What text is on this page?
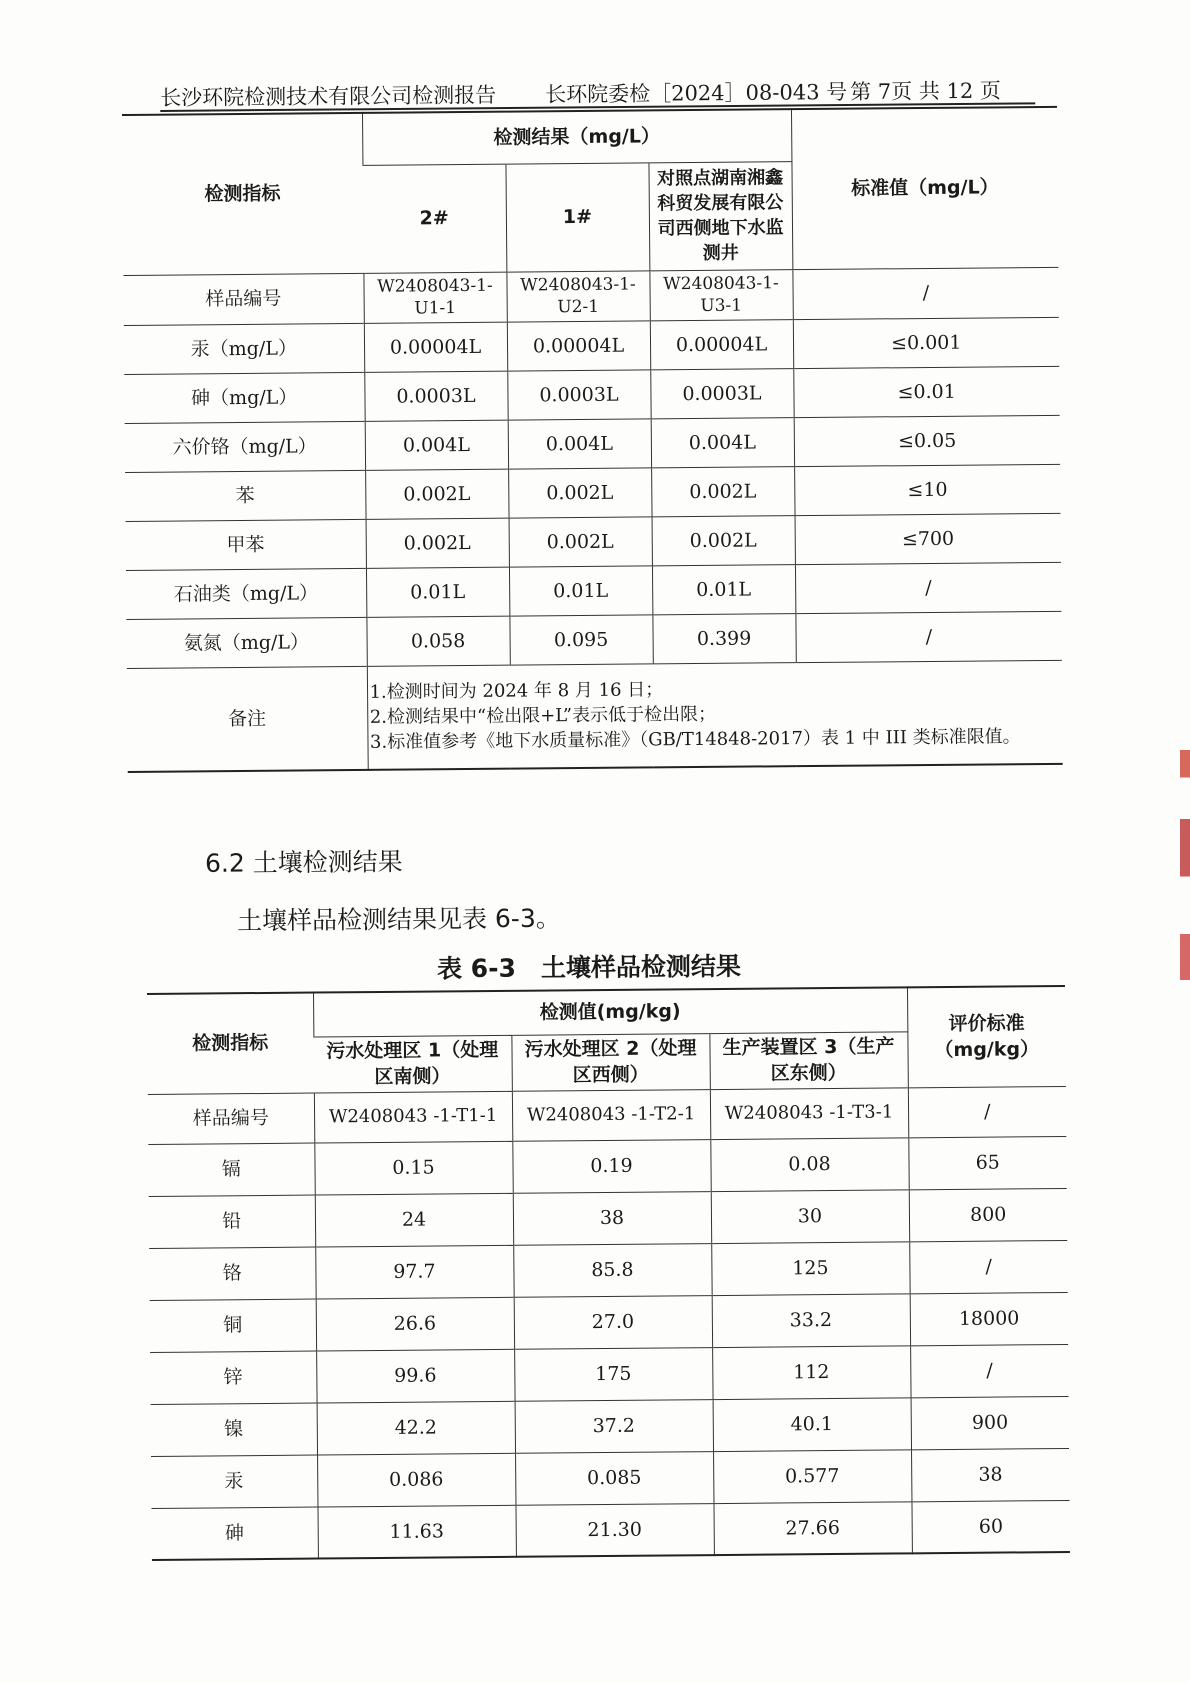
长沙环院检测技术有限公司检测报告 长环院委检［2024］08-043 号 第 7页 共 12 页
检测指标	检测结果（mg/L）			标准值（mg/L）
	2#	1#	对照点湖南湘鑫科贸发展有限公司西侧地下水监测井	
样品编号	W2408043-1-U1-1	W2408043-1-U2-1	W2408043-1-U3-1	/
汞（mg/L）	0.00004L	0.00004L	0.00004L	≤0.001
砷（mg/L）	0.0003L	0.0003L	0.0003L	≤0.01
六价铬（mg/L）	0.004L	0.004L	0.004L	≤0.05
苯	0.002L	0.002L	0.002L	≤10
甲苯	0.002L	0.002L	0.002L	≤700
石油类（mg/L）	0.01L	0.01L	0.01L	/
氨氮（mg/L）	0.058	0.095	0.399	/
备注	1.检测时间为 2024 年 8 月 16 日；
2.检测结果中“检出限+L”表示低于检出限；
3.标准值参考《地下水质量标准》（GB/T14848-2017）表 1 中 III 类标准限值。			
6.2 土壤检测结果
土壤样品检测结果见表 6-3。
表 6-3　土壤样品检测结果
检测指标	检测值(mg/kg)			评价标准（mg/kg）
	污水处理区 1（处理区南侧）	污水处理区 2（处理区西侧）	生产装置区 3（生产区东侧）	
样品编号	W2408043 -1-T1-1	W2408043 -1-T2-1	W2408043 -1-T3-1	/
镉	0.15	0.19	0.08	65
铅	24	38	30	800
铬	97.7	85.8	125	/
铜	26.6	27.0	33.2	18000
锌	99.6	175	112	/
镍	42.2	37.2	40.1	900
汞	0.086	0.085	0.577	38
砷	11.63	21.30	27.66	60
